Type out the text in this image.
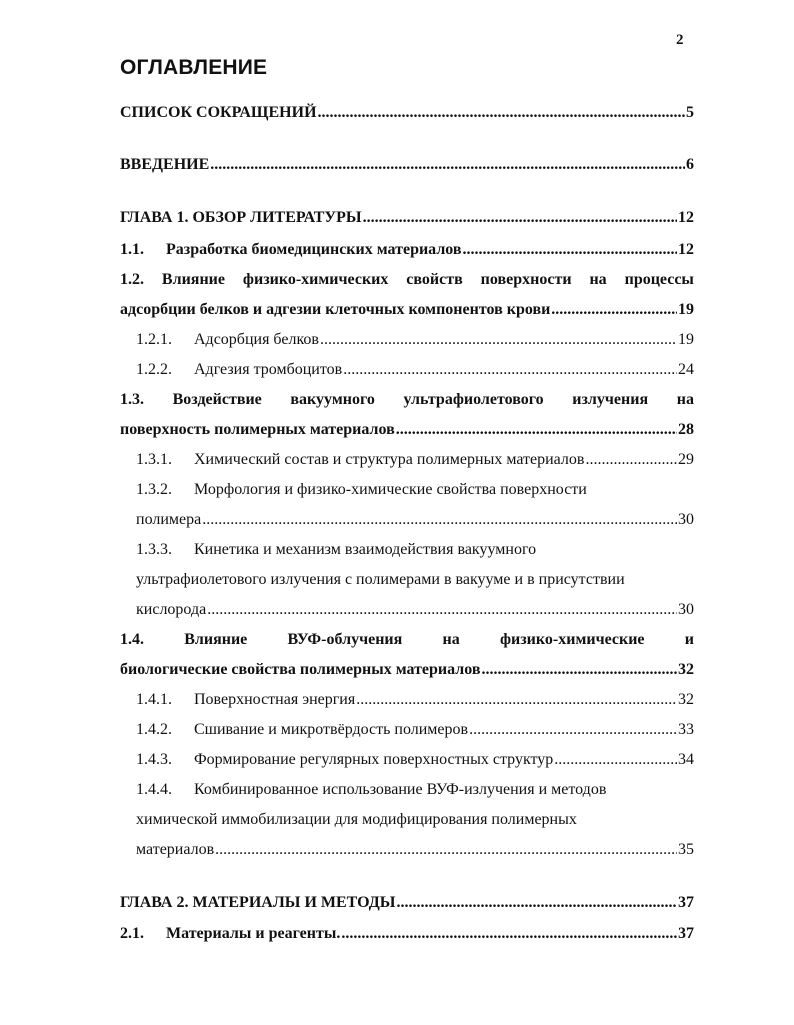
2
ОГЛАВЛЕНИЕ
СПИСОК СОКРАЩЕНИЙ .....	5
ВВЕДЕНИЕ .....	6
ГЛАВА 1. ОБЗОР ЛИТЕРАТУРЫ .....	12
1.1. Разработка биомедицинских материалов .....	12
1.2. Влияние физико-химических свойств поверхности на процессы
адсорбции белков и адгезии клеточных компонентов крови .....	19
1.2.1. Адсорбция белков .....	19
1.2.2. Адгезия тромбоцитов .....	24
1.3. Воздействие вакуумного ультрафиолетового излучения на
поверхность полимерных материалов .....	28
1.3.1. Химический состав и структура полимерных материалов .....	29
1.3.2. Морфология и физико-химические свойства поверхности
полимера .....	30
1.3.3. Кинетика и механизм взаимодействия вакуумного
ультрафиолетового излучения с полимерами в вакууме и в присутствии
кислорода .....	30
1.4.	Влияние	ВУФ-облучения	на	физико-химические	и
биологические свойства полимерных материалов .....	32
1.4.1. Поверхностная энергия .....	32
1.4.2. Сшивание и микротвёрдость полимеров .....	33
1.4.3. Формирование регулярных поверхностных структур .....	34
1.4.4. Комбинированное использование ВУФ-излучения и методов
химической иммобилизации для модифицирования полимерных
материалов .....	35
ГЛАВА 2. МАТЕРИАЛЫ И МЕТОДЫ .....	37
2.1. Материалы и реагенты. .....	37
